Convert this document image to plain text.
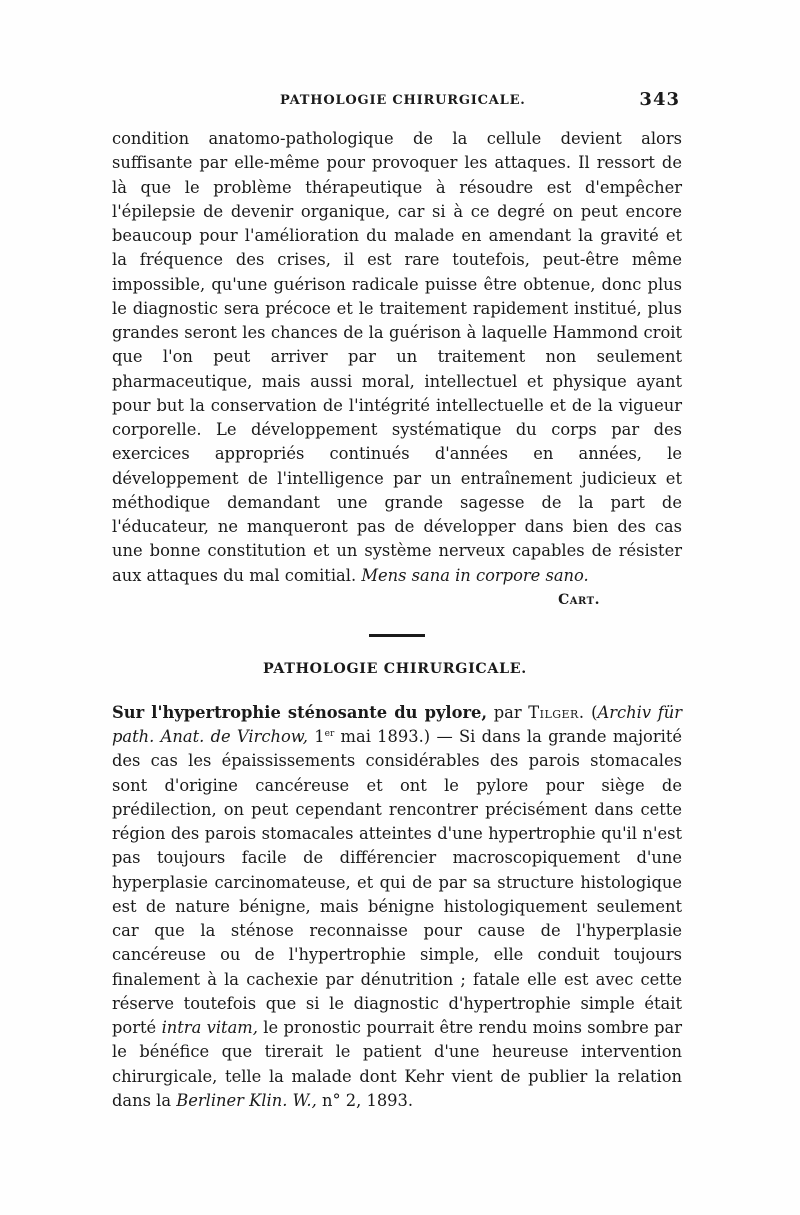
PATHOLOGIE CHIRURGICALE.	343

condition anatomo-pathologique de la cellule devient alors suffisante par elle-même pour provoquer les attaques. Il ressort de là que le problème thérapeutique à résoudre est d'empêcher l'épilepsie de devenir organique, car si à ce degré on peut encore beaucoup pour l'amélioration du malade en amendant la gravité et la fréquence des crises, il est rare toutefois, peut-être même impossible, qu'une guérison radicale puisse être obtenue, donc plus le diagnostic sera précoce et le traitement rapidement institué, plus grandes seront les chances de la guérison à laquelle Hammond croit que l'on peut arriver par un traitement non seulement pharmaceutique, mais aussi moral, intellectuel et physique ayant pour but la conservation de l'intégrité intellectuelle et de la vigueur corporelle. Le développement systématique du corps par des exercices appropriés continués d'années en années, le développement de l'intelligence par un entraînement judicieux et méthodique demandant une grande sagesse de la part de l'éducateur, ne manqueront pas de développer dans bien des cas une bonne constitution et un système nerveux capables de résister aux attaques du mal comitial. Mens sana in corpore sano.

Cart.

PATHOLOGIE CHIRURGICALE.

Sur l'hypertrophie sténosante du pylore, par Tilger. (Archiv für path. Anat. de Virchow, 1er mai 1893.) — Si dans la grande majorité des cas les épaississements considérables des parois stomacales sont d'origine cancéreuse et ont le pylore pour siège de prédilection, on peut cependant rencontrer précisément dans cette région des parois stomacales atteintes d'une hypertrophie qu'il n'est pas toujours facile de différencier macroscopiquement d'une hyperplasie carcinomateuse, et qui de par sa structure histologique est de nature bénigne, mais bénigne histologiquement seulement car que la sténose reconnaisse pour cause de l'hyperplasie cancéreuse ou de l'hypertrophie simple, elle conduit toujours finalement à la cachexie par dénutrition ; fatale elle est avec cette réserve toutefois que si le diagnostic d'hypertrophie simple était porté intra vitam, le pronostic pourrait être rendu moins sombre par le bénéfice que tirerait le patient d'une heureuse intervention chirurgicale, telle la malade dont Kehr vient de publier la relation dans la Berliner Klin. W., n° 2, 1893.
